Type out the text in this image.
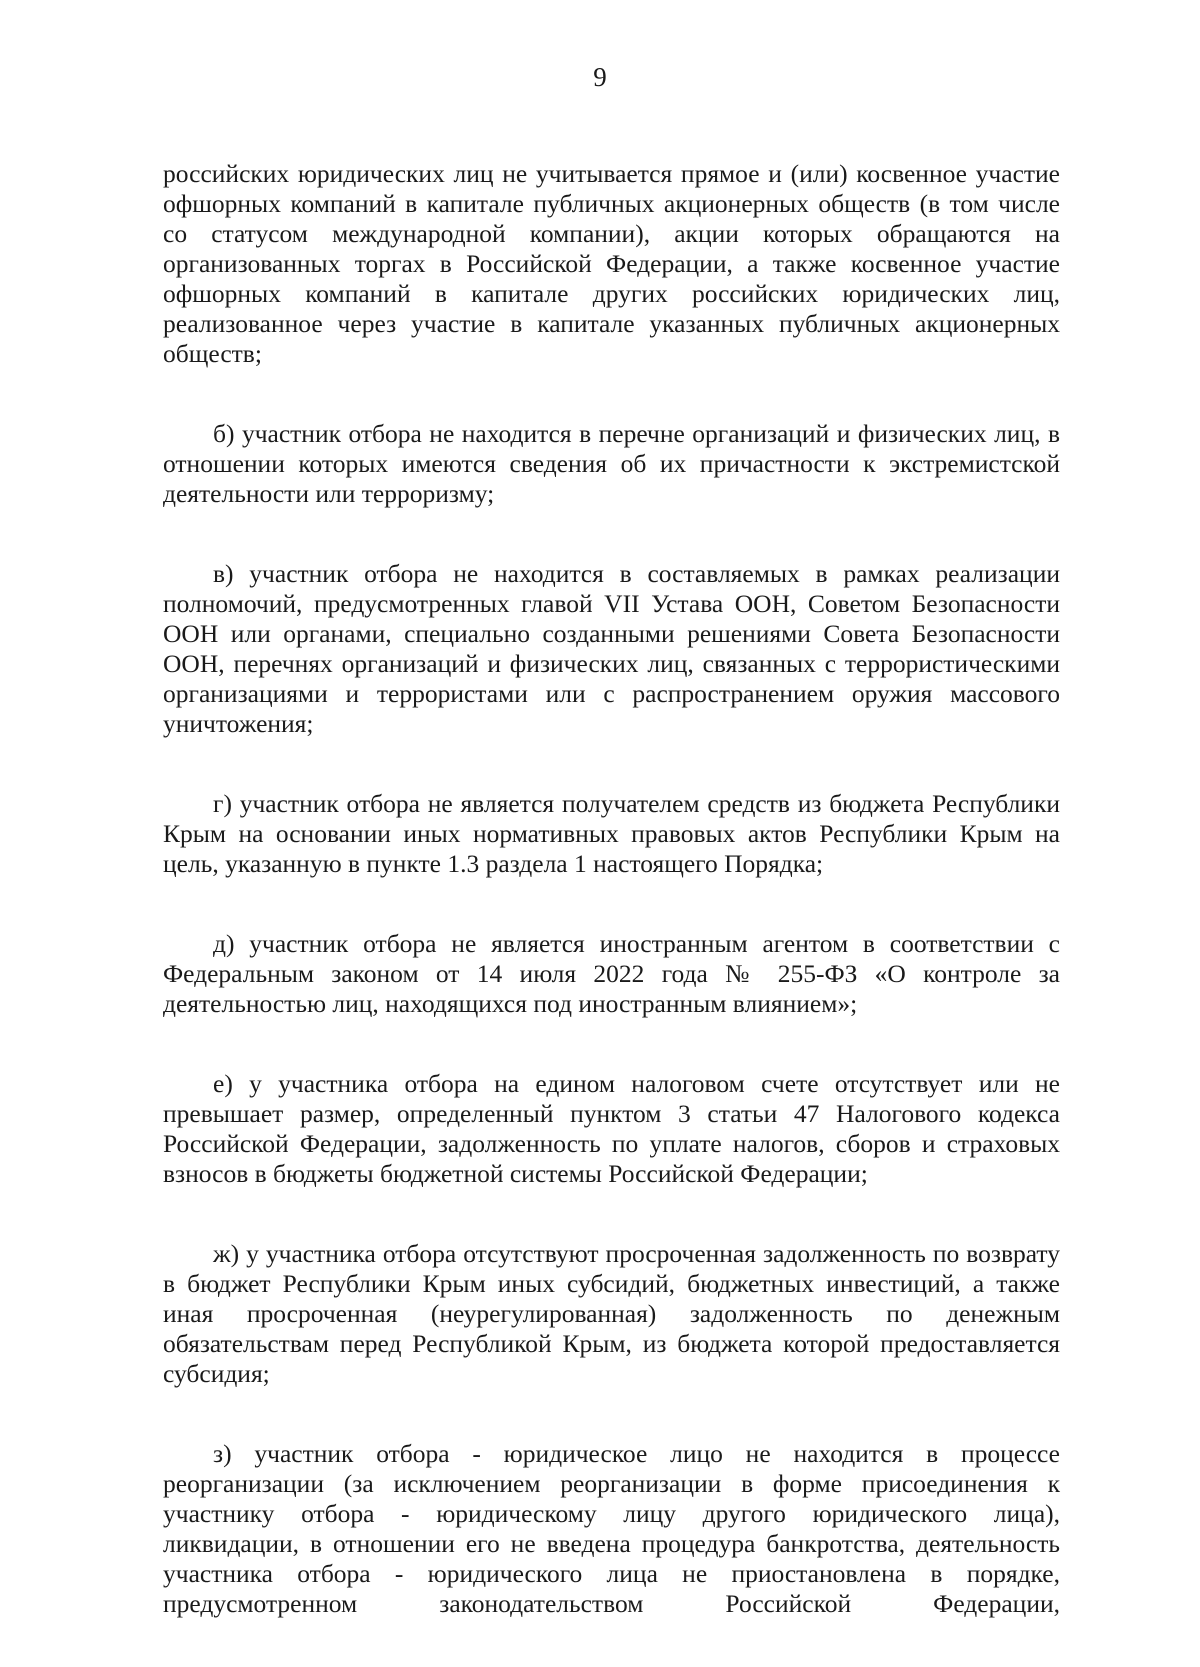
9

российских юридических лиц не учитывается прямое и (или) косвенное участие офшорных компаний в капитале публичных акционерных обществ (в том числе со статусом международной компании), акции которых обращаются на организованных торгах в Российской Федерации, а также косвенное участие офшорных компаний в капитале других российских юридических лиц, реализованное через участие в капитале указанных публичных акционерных обществ;

б) участник отбора не находится в перечне организаций и физических лиц, в отношении которых имеются сведения об их причастности к экстремистской деятельности или терроризму;

в) участник отбора не находится в составляемых в рамках реализации полномочий, предусмотренных главой VII Устава ООН, Советом Безопасности ООН или органами, специально созданными решениями Совета Безопасности ООН, перечнях организаций и физических лиц, связанных с террористическими организациями и террористами или с распространением оружия массового уничтожения;

г) участник отбора не является получателем средств из бюджета Республики Крым на основании иных нормативных правовых актов Республики Крым на цель, указанную в пункте 1.3 раздела 1 настоящего Порядка;

д) участник отбора не является иностранным агентом в соответствии с Федеральным законом от 14 июля 2022 года № 255-ФЗ «О контроле за деятельностью лиц, находящихся под иностранным влиянием»;

е) у участника отбора на едином налоговом счете отсутствует или не превышает размер, определенный пунктом 3 статьи 47 Налогового кодекса Российской Федерации, задолженность по уплате налогов, сборов и страховых взносов в бюджеты бюджетной системы Российской Федерации;

ж) у участника отбора отсутствуют просроченная задолженность по возврату в бюджет Республики Крым иных субсидий, бюджетных инвестиций, а также иная просроченная (неурегулированная) задолженность по денежным обязательствам перед Республикой Крым, из бюджета которой предоставляется субсидия;

з) участник отбора - юридическое лицо не находится в процессе реорганизации (за исключением реорганизации в форме присоединения к участнику отбора - юридическому лицу другого юридического лица), ликвидации, в отношении его не введена процедура банкротства, деятельность участника отбора - юридического лица не приостановлена в порядке, предусмотренном законодательством Российской Федерации,
